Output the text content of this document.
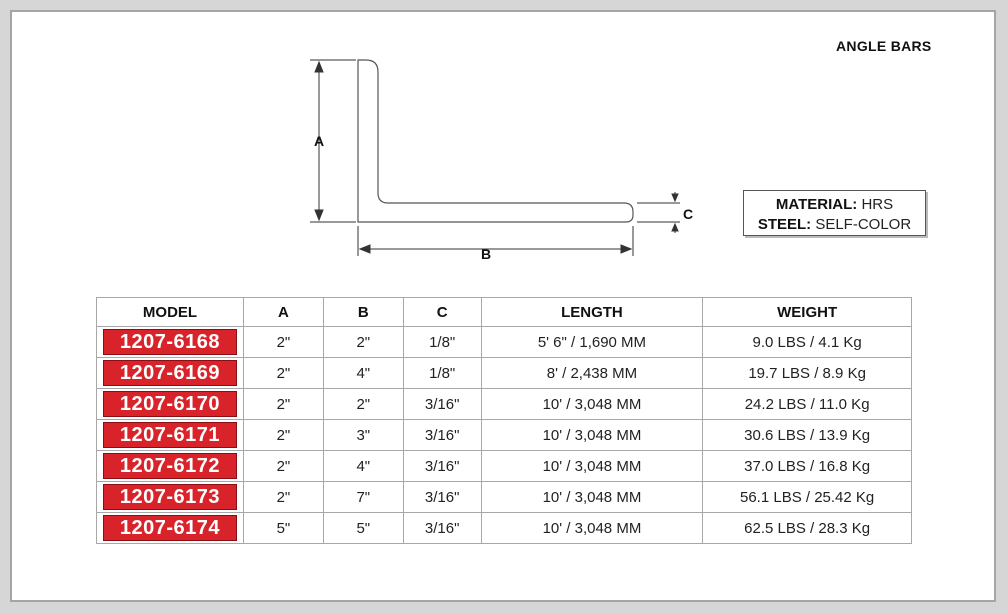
ANGLE BARS
A
B
C
MATERIAL: HRS
STEEL: SELF-COLOR
MODEL	A	B	C	LENGTH	WEIGHT
1207-6168	2"	2"	1/8"	5' 6" / 1,690 MM	9.0 LBS / 4.1 Kg
1207-6169	2"	4"	1/8"	8' / 2,438 MM	19.7 LBS / 8.9 Kg
1207-6170	2"	2"	3/16"	10' / 3,048 MM	24.2 LBS / 11.0 Kg
1207-6171	2"	3"	3/16"	10' / 3,048 MM	30.6 LBS / 13.9 Kg
1207-6172	2"	4"	3/16"	10' / 3,048 MM	37.0 LBS / 16.8 Kg
1207-6173	2"	7"	3/16"	10' / 3,048 MM	56.1 LBS / 25.42 Kg
1207-6174	5"	5"	3/16"	10' / 3,048 MM	62.5 LBS / 28.3 Kg
